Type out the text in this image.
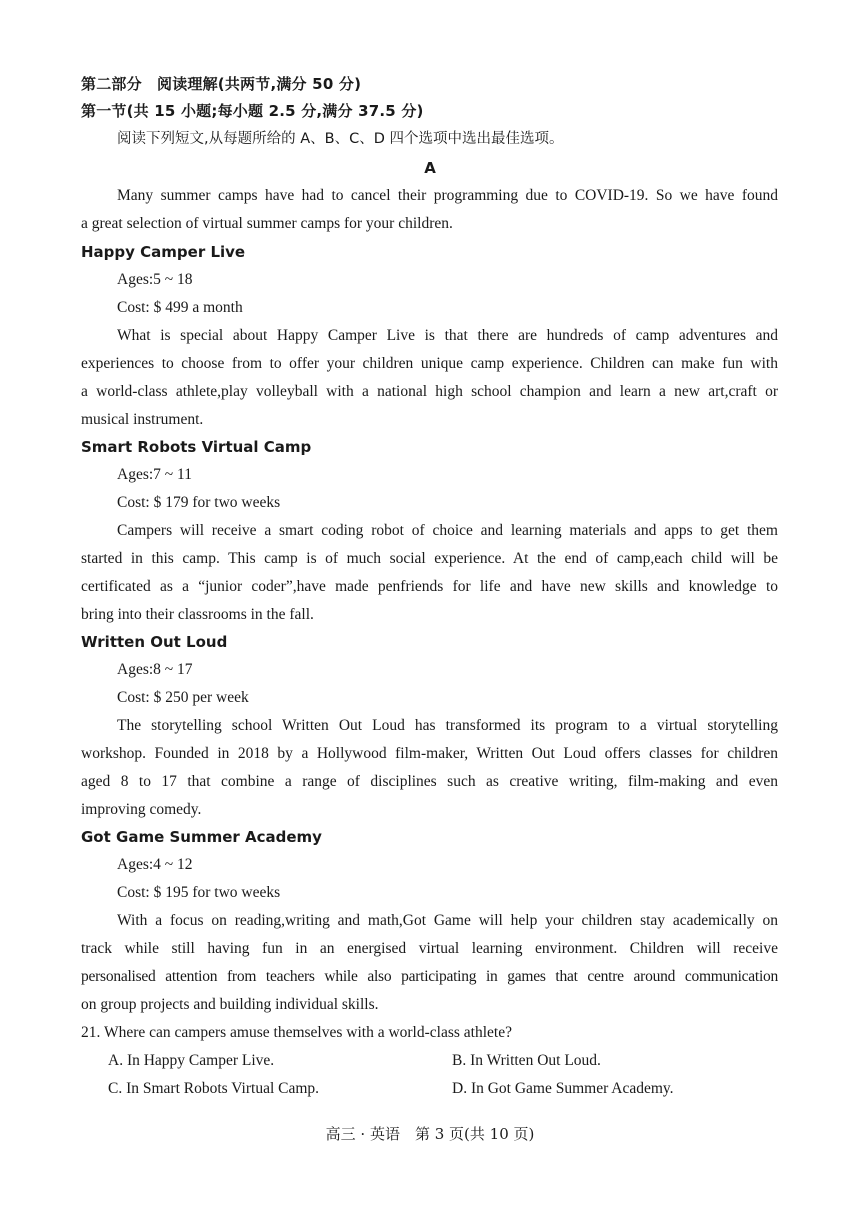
第二部分　阅读理解(共两节,满分 50 分)
第一节(共 15 小题;每小题 2.5 分,满分 37.5 分)
阅读下列短文,从每题所给的 A、B、C、D 四个选项中选出最佳选项。
A
Many summer camps have had to cancel their programming due to COVID-19. So we have found
a great selection of virtual summer camps for your children.
Happy Camper Live
Ages:5 ~ 18
Cost: $ 499 a month
What is special about Happy Camper Live is that there are hundreds of camp adventures and
experiences to choose from to offer your children unique camp experience. Children can make fun with
a world-class athlete,play volleyball with a national high school champion and learn a new art,craft or
musical instrument.
Smart Robots Virtual Camp
Ages:7 ~ 11
Cost: $ 179 for two weeks
Campers will receive a smart coding robot of choice and learning materials and apps to get them
started in this camp. This camp is of much social experience. At the end of camp,each child will be
certificated as a “junior coder”,have made penfriends for life and have new skills and knowledge to
bring into their classrooms in the fall.
Written Out Loud
Ages:8 ~ 17
Cost: $ 250 per week
The storytelling school Written Out Loud has transformed its program to a virtual storytelling
workshop. Founded in 2018 by a Hollywood film-maker, Written Out Loud offers classes for children
aged 8 to 17 that combine a range of disciplines such as creative writing, film-making and even
improving comedy.
Got Game Summer Academy
Ages:4 ~ 12
Cost: $ 195 for two weeks
With a focus on reading,writing and math,Got Game will help your children stay academically on
track while still having fun in an energised virtual learning environment. Children will receive
personalised attention from teachers while also participating in games that centre around communication
on group projects and building individual skills.
21. Where can campers amuse themselves with a world-class athlete?
A. In Happy Camper Live.	B. In Written Out Loud.
C. In Smart Robots Virtual Camp.	D. In Got Game Summer Academy.
高三 · 英语　第 3 页(共 10 页)
